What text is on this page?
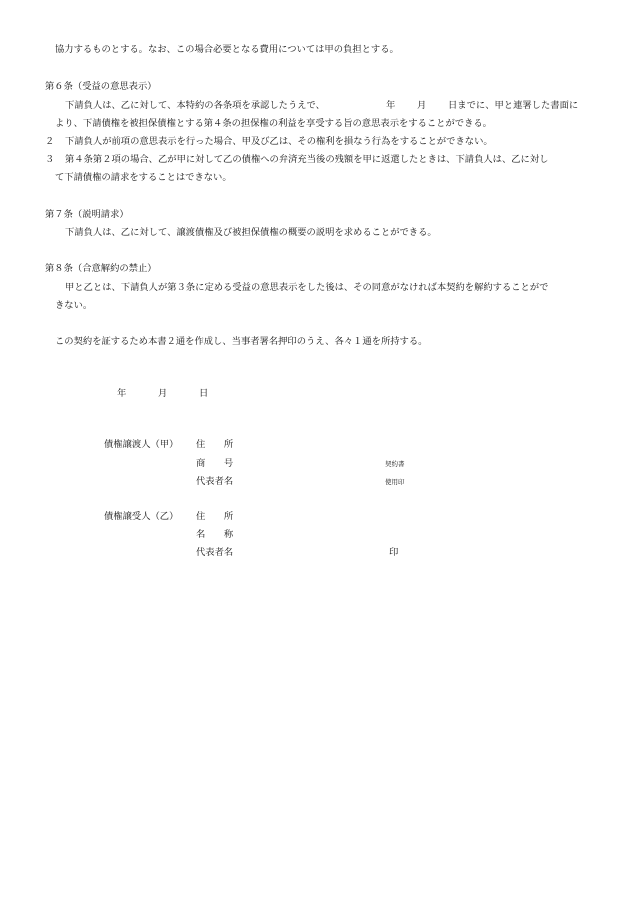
協力するものとする。なお、この場合必要となる費用については甲の負担とする。
第６条（受益の意思表示）
下請負人は、乙に対して、本特約の各条項を承認したうえで、	年 月 日までに、甲と連署した書面に
より、下請債権を被担保債権とする第４条の担保権の利益を享受する旨の意思表示をすることができる。
２ 下請負人が前項の意思表示を行った場合、甲及び乙は、その権利を損なう行為をすることができない。
３ 第４条第２項の場合、乙が甲に対して乙の債権への弁済充当後の残額を甲に返還したときは、下請負人は、乙に対し
て下請債権の請求をすることはできない。
第７条（説明請求）
下請負人は、乙に対して、譲渡債権及び被担保債権の概要の説明を求めることができる。
第８条（合意解約の禁止）
甲と乙とは、下請負人が第３条に定める受益の意思表示をした後は、その同意がなければ本契約を解約することがで
きない。
この契約を証するため本書２通を作成し、当事者署名押印のうえ、各々１通を所持する。
年	月	日
債権譲渡人（甲） 住　　所
商　　号	契約書
代表者名	使用印
債権譲受人（乙） 住　　所
名　　称
代表者名	印
